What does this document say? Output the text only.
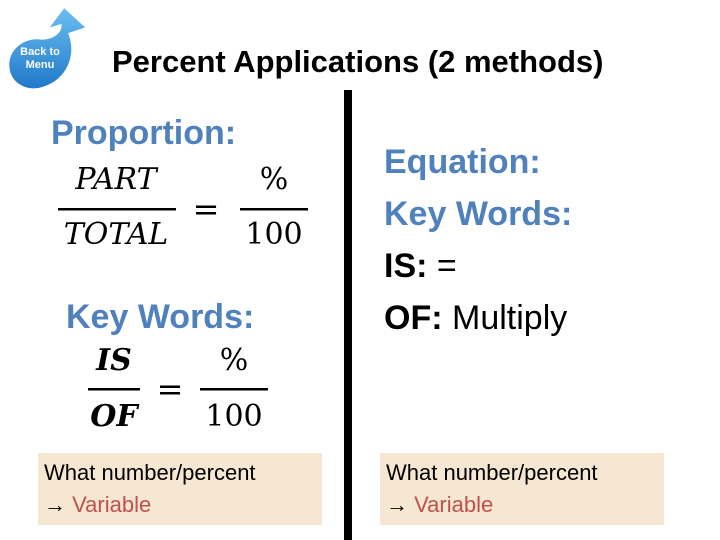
Back to
Menu	Percent Applications (2 methods)
Proportion:
PART
TOTAL
=
%
100
Key Words:
IS
OF
=
%
100
What number/percent
→ Variable
Equation:
Key Words:
IS: =
OF: Multiply
What number/percent
→ Variable
